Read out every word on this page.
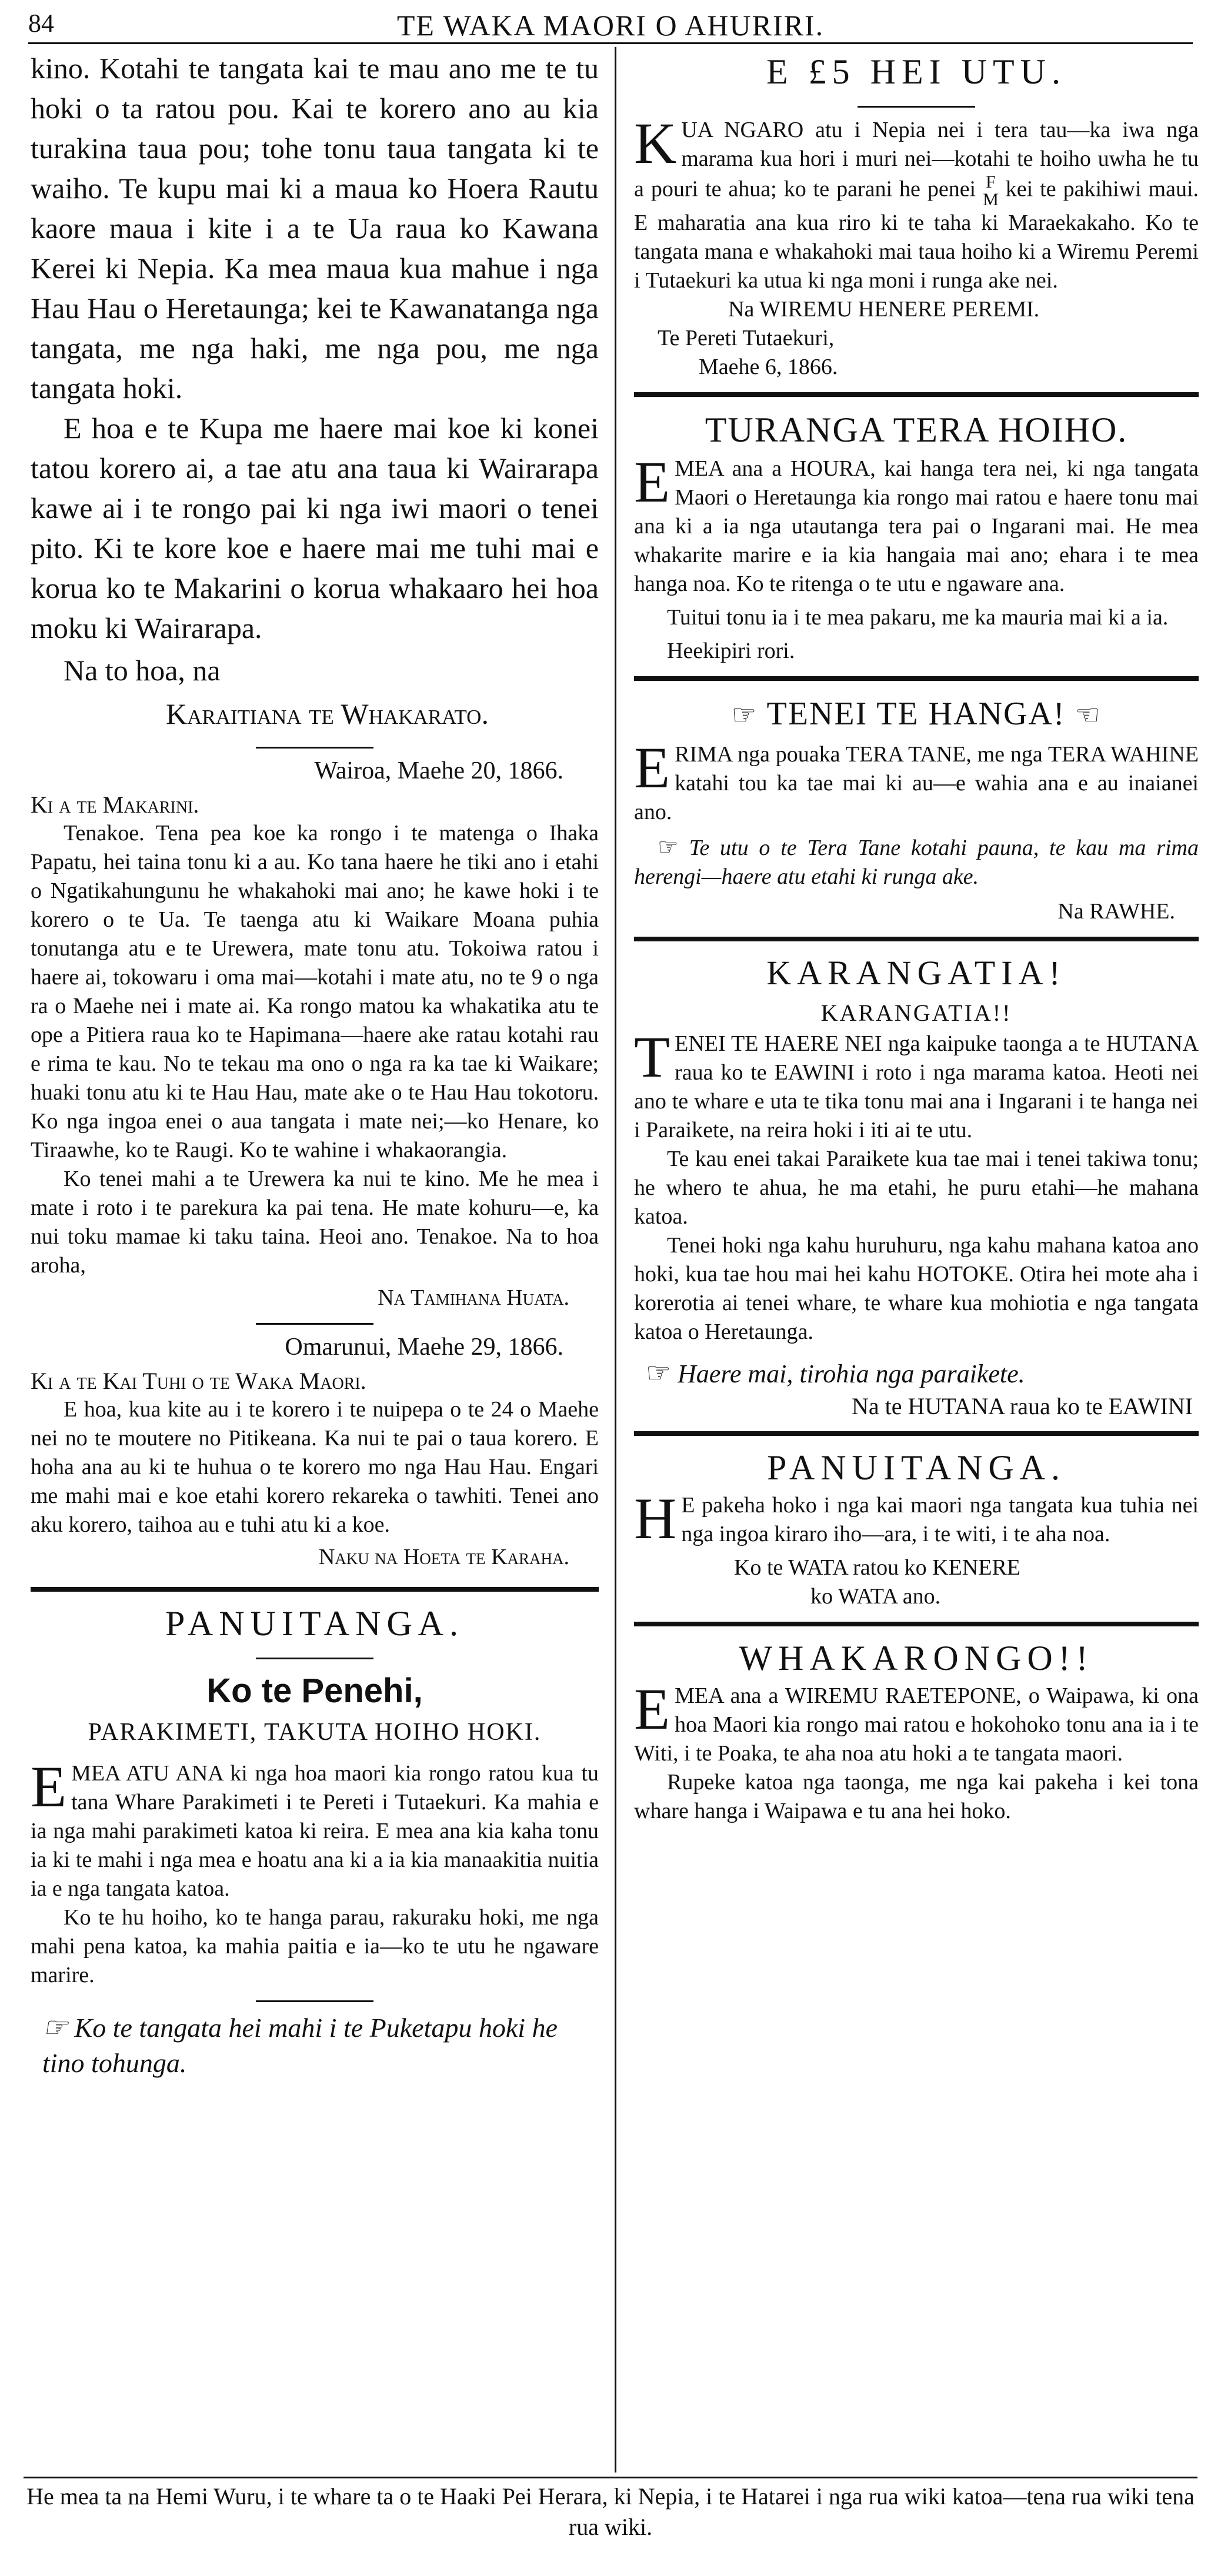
84	TE WAKA MAORI O AHURIRI.

kino. Kotahi te tangata kai te mau ano me te tu hoki o ta ratou pou. Kai te korero ano au kia turakina taua pou; tohe tonu taua tangata ki te waiho. Te kupu mai ki a maua ko Hoera Rautu kaore maua i kite i a te Ua raua ko Kawana Kerei ki Nepia. Ka mea maua kua mahue i nga Hau Hau o Heretaunga; kei te Kawanatanga nga tangata, me nga haki, me nga pou, me nga tangata hoki.

E hoa e te Kupa me haere mai koe ki konei tatou korero ai, a tae atu ana taua ki Wairarapa kawe ai i te rongo pai ki nga iwi maori o tenei pito. Ki te kore koe e haere mai me tuhi mai e korua ko te Makarini o korua whakaaro hei hoa moku ki Wairarapa.

Na to hoa, na

Karaitiana te Whakarato.

Wairoa, Maehe 20, 1866.

Ki a te Makarini.

Tenakoe. Tena pea koe ka rongo i te matenga o Ihaka Papatu, hei taina tonu ki a au. Ko tana haere he tiki ano i etahi o Ngatikahungunu he whakahoki mai ano; he kawe hoki i te korero o te Ua. Te taenga atu ki Waikare Moana puhia tonutanga atu e te Urewera, mate tonu atu. Tokoiwa ratou i haere ai, tokowaru i oma mai—kotahi i mate atu, no te 9 o nga ra o Maehe nei i mate ai. Ka rongo matou ka whakatika atu te ope a Pitiera raua ko te Hapimana—haere ake ratau kotahi rau e rima te kau. No te tekau ma ono o nga ra ka tae ki Waikare; huaki tonu atu ki te Hau Hau, mate ake o te Hau Hau tokotoru. Ko nga ingoa enei o aua tangata i mate nei;—ko Henare, ko Tiraawhe, ko te Raugi. Ko te wahine i whakaorangia.

Ko tenei mahi a te Urewera ka nui te kino. Me he mea i mate i roto i te parekura ka pai tena. He mate kohuru—e, ka nui toku mamae ki taku taina. Heoi ano. Tenakoe. Na to hoa aroha,

Na Tamihana Huata.

Omarunui, Maehe 29, 1866.

Ki a te Kai Tuhi o te Waka Maori.

E hoa, kua kite au i te korero i te nuipepa o te 24 o Maehe nei no te moutere no Pitikeana. Ka nui te pai o taua korero. E hoha ana au ki te huhua o te korero mo nga Hau Hau. Engari me mahi mai e koe etahi korero rekareka o tawhiti. Tenei ano aku korero, taihoa au e tuhi atu ki a koe.

Naku na Hoeta te Karaha.

PANUITANGA.

Ko te Penehi,

PARAKIMETI, TAKUTA HOIHO HOKI.

E MEA ATU ANA ki nga hoa maori kia rongo ratou kua tu tana Whare Parakimeti i te Pereti i Tutaekuri. Ka mahia e ia nga mahi parakimeti katoa ki reira. E mea ana kia kaha tonu ia ki te mahi i nga mea e hoatu ana ki a ia kia manaakitia nuitia ia e nga tangata katoa.

Ko te hu hoiho, ko te hanga parau, rakuraku hoki, me nga mahi pena katoa, ka mahia paitia e ia—ko te utu he ngaware marire.

☞ Ko te tangata hei mahi i te Puketapu hoki he tino tohunga.

E £5 HEI UTU.

K UA NGARO atu i Nepia nei i tera tau—ka iwa nga marama kua hori i muri nei—kotahi te hoiho uwha he tu a pouri te ahua; ko te parani he penei F
M kei te pakihiwi maui. E maharatia ana kua riro ki te taha ki Maraekakaho. Ko te tangata mana e whakahoki mai taua hoiho ki a Wiremu Peremi i Tutaekuri ka utua ki nga moni i runga ake nei.

Na WIREMU HENERE PEREMI.

Te Pereti Tutaekuri,

Maehe 6, 1866.

TURANGA TERA HOIHO.

E MEA ana a HOURA, kai hanga tera nei, ki nga tangata Maori o Heretaunga kia rongo mai ratou e haere tonu mai ana ki a ia nga utautanga tera pai o Ingarani mai. He mea whakarite marire e ia kia hangaia mai ano; ehara i te mea hanga noa. Ko te ritenga o te utu e ngaware ana.

Tuitui tonu ia i te mea pakaru, me ka mauria mai ki a ia.

Heekipiri rori.

☞ TENEI TE HANGA! ☜

E RIMA nga pouaka TERA TANE, me nga TERA WAHINE katahi tou ka tae mai ki au—e wahia ana e au inaianei ano.

☞ Te utu o te Tera Tane kotahi pauna, te kau ma rima herengi—haere atu etahi ki runga ake.

Na RAWHE.

KARANGATIA!

KARANGATIA!!

T ENEI TE HAERE NEI nga kaipuke taonga a te HUTANA raua ko te EAWINI i roto i nga marama katoa. Heoti nei ano te whare e uta te tika tonu mai ana i Ingarani i te hanga nei i Paraikete, na reira hoki i iti ai te utu.

Te kau enei takai Paraikete kua tae mai i tenei takiwa tonu; he whero te ahua, he ma etahi, he puru etahi—he mahana katoa.

Tenei hoki nga kahu huruhuru, nga kahu mahana katoa ano hoki, kua tae hou mai hei kahu HOTOKE. Otira hei mote aha i korerotia ai tenei whare, te whare kua mohiotia e nga tangata katoa o Heretaunga.

☞ Haere mai, tirohia nga paraikete.

Na te HUTANA raua ko te EAWINI

PANUITANGA.

H E pakeha hoko i nga kai maori nga tangata kua tuhia nei nga ingoa kiraro iho—ara, i te witi, i te aha noa.

Ko te WATA ratou ko KENERE

ko WATA ano.

WHAKARONGO!!

E MEA ana a WIREMU RAETEPONE, o Waipawa, ki ona hoa Maori kia rongo mai ratou e hokohoko tonu ana ia i te Witi, i te Poaka, te aha noa atu hoki a te tangata maori.

Rupeke katoa nga taonga, me nga kai pakeha i kei tona whare hanga i Waipawa e tu ana hei hoko.

He mea ta na Hemi Wuru, i te whare ta o te Haaki Pei Herara, ki Nepia, i te Hatarei i nga rua wiki katoa—tena rua wiki tena rua wiki.
